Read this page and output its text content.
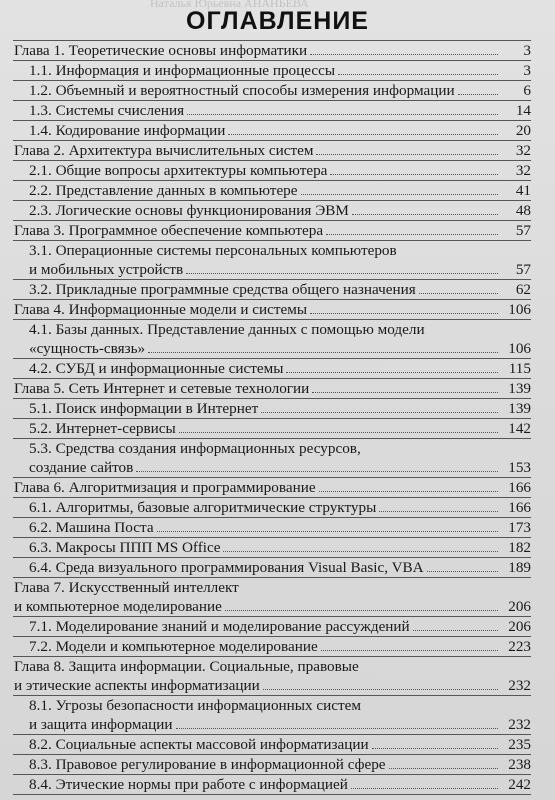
Наталья Юрьевна АНАНЬЕВА
ОГЛАВЛЕНИЕ
Глава 1. Теоретические основы информатики	3
1.1. Информация и информационные процессы	3
1.2. Объемный и вероятностный способы измерения информации	6
1.3. Системы счисления	14
1.4. Кодирование информации	20
Глава 2. Архитектура вычислительных систем	32
2.1. Общие вопросы архитектуры компьютера	32
2.2. Представление данных в компьютере	41
2.3. Логические основы функционирования ЭВМ	48
Глава 3. Программное обеспечение компьютера	57
3.1. Операционные системы персональных компьютеров
и мобильных устройств	57
3.2. Прикладные программные средства общего назначения	62
Глава 4. Информационные модели и системы	106
4.1. Базы данных. Представление данных с помощью модели
«сущность-связь»	106
4.2. СУБД и информационные системы	115
Глава 5. Сеть Интернет и сетевые технологии	139
5.1. Поиск информации в Интернет	139
5.2. Интернет-сервисы	142
5.3. Средства создания информационных ресурсов,
создание сайтов	153
Глава 6. Алгоритмизация и программирование	166
6.1. Алгоритмы, базовые алгоритмические структуры	166
6.2. Машина Поста	173
6.3. Макросы ППП MS Office	182
6.4. Среда визуального программирования Visual Basic, VBA	189
Глава 7. Искусственный интеллект
и компьютерное моделирование	206
7.1. Моделирование знаний и моделирование рассуждений	206
7.2. Модели и компьютерное моделирование	223
Глава 8. Защита информации. Социальные, правовые
и этические аспекты информатизации	232
8.1. Угрозы безопасности информационных систем
и защита информации	232
8.2. Социальные аспекты массовой информатизации	235
8.3. Правовое регулирование в информационной сфере	238
8.4. Этические нормы при работе с информацией	242
